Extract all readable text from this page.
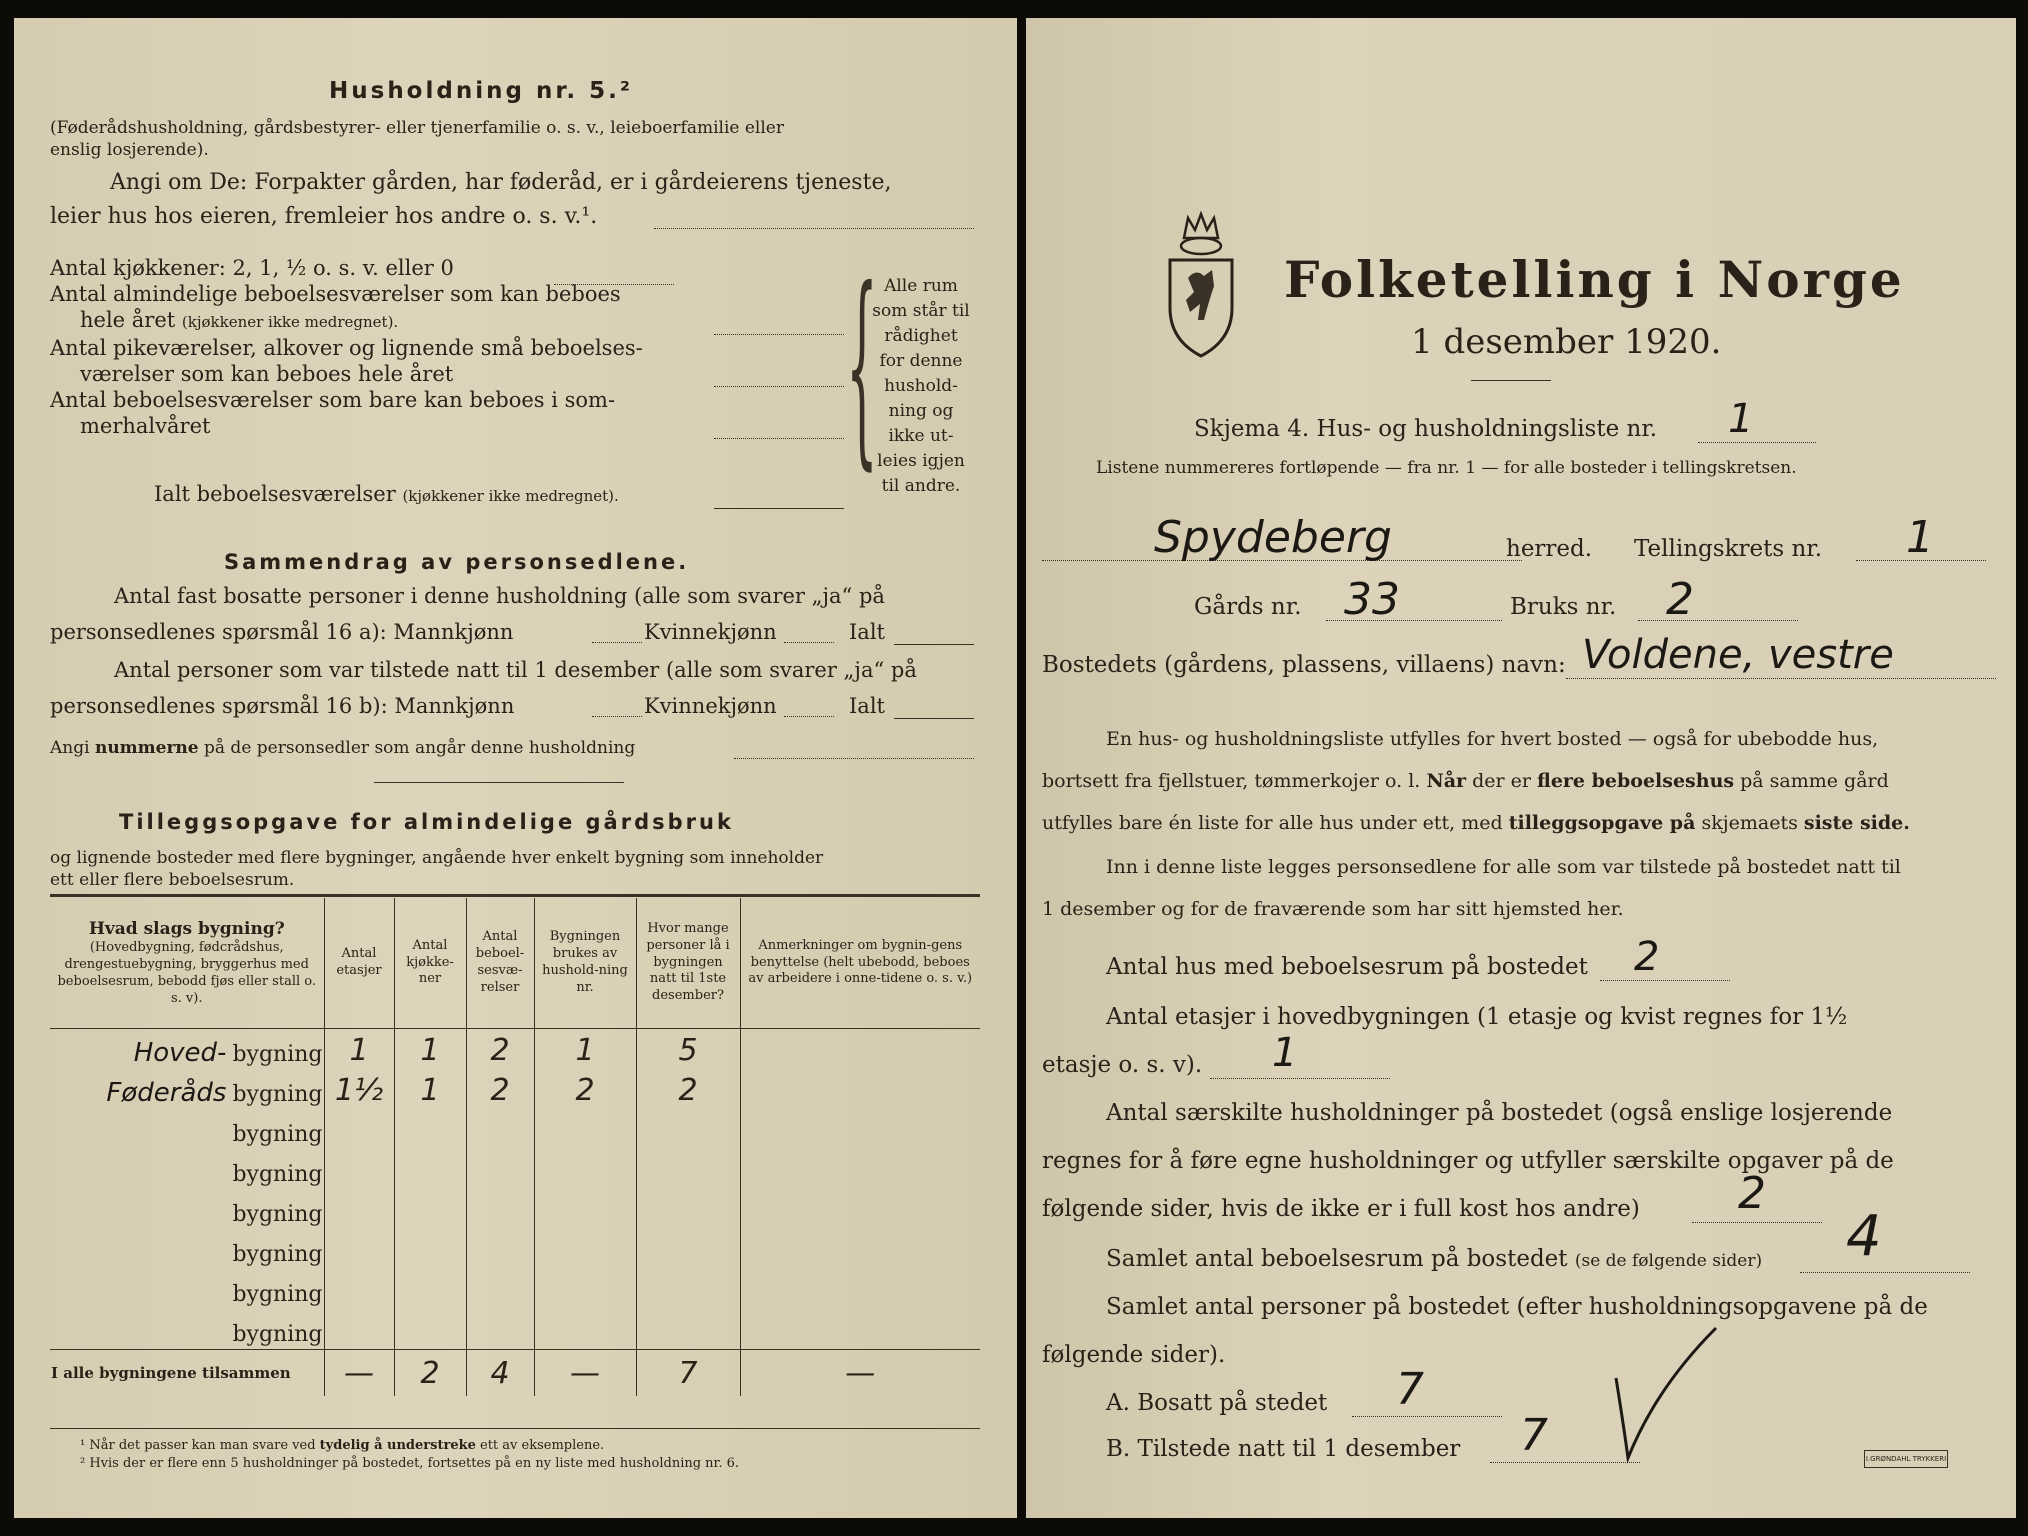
Husholdning nr. 5.²
(Føderådshusholdning, gårdsbestyrer- eller tjenerfamilie o. s. v., leieboerfamilie eller
enslig losjerende).
Angi om De: Forpakter gården, har føderåd, er i gårdeierens tjeneste,
leier hus hos eieren, fremleier hos andre o. s. v.¹.
Antal kjøkkener: 2, 1, ½ o. s. v. eller 0
Antal almindelige beboelsesværelser som kan beboes
hele året (kjøkkener ikke medregnet).
Antal pikeværelser, alkover og lignende små beboelses-
værelser som kan beboes hele året
Antal beboelsesværelser som bare kan beboes i som-
merhalvåret
Ialt beboelsesværelser (kjøkkener ikke medregnet).
{ Alle rum
som står til
rådighet
for denne
hushold-
ning og
ikke ut-
leies igjen
til andre.
Sammendrag av personsedlene.
Antal fast bosatte personer i denne husholdning (alle som svarer „ja“ på
personsedlenes spørsmål 16 a): Mannkjønn	Kvinnekjønn	Ialt
Antal personer som var tilstede natt til 1 desember (alle som svarer „ja“ på
personsedlenes spørsmål 16 b): Mannkjønn	Kvinnekjønn	Ialt
Angi nummerne på de personsedler som angår denne husholdning
Tilleggsopgave for almindelige gårdsbruk
og lignende bosteder med flere bygninger, angående hver enkelt bygning som inneholder
ett eller flere beboelsesrum.
Hvad slags bygning?
(Hovedbygning, fødcrådshus, drengestuebygning, bryggerhus med beboelsesrum, bebodd fjøs eller stall o. s. v).	Antal etasjer	Antal kjøkke-ner	Antal beboel-sesvæ-relser	Bygningen brukes av hushold-ning nr.	Hvor mange personer lå i bygningen natt til 1ste desember?	Anmerkninger om bygnin-gens benyttelse (helt ubebodd, beboes av arbeidere i onne-tidene o. s. v.)
Hoved- bygning	1	1	2	1	5	
Føderåds bygning	1½	1	2	2	2	
bygning						
bygning						
bygning						
bygning						
bygning						
bygning						
I alle bygningene tilsammen	—	2	4	—	7	—
¹ Når det passer kan man svare ved tydelig å understreke ett av eksemplene.
² Hvis der er flere enn 5 husholdninger på bostedet, fortsettes på en ny liste med husholdning nr. 6.
Folketelling i Norge
1 desember 1920.
Skjema 4. Hus- og husholdningsliste nr. 1
Listene nummereres fortløpende — fra nr. 1 — for alle bosteder i tellingskretsen.
Spydeberg	herred. Tellingskrets nr. 1
Gårds nr. 33	Bruks nr. 2
Bostedets (gårdens, plassens, villaens) navn: Voldene, vestre
En hus- og husholdningsliste utfylles for hvert bosted — også for ubebodde hus,
bortsett fra fjellstuer, tømmerkojer o. l. Når der er flere beboelseshus på samme gård
utfylles bare én liste for alle hus under ett, med tilleggsopgave på skjemaets siste side.
Inn i denne liste legges personsedlene for alle som var tilstede på bostedet natt til
1 desember og for de fraværende som har sitt hjemsted her.
Antal hus med beboelsesrum på bostedet 2
Antal etasjer i hovedbygningen (1 etasje og kvist regnes for 1½
etasje o. s. v). 1
Antal særskilte husholdninger på bostedet (også enslige losjerende
regnes for å føre egne husholdninger og utfyller særskilte opgaver på de
følgende sider, hvis de ikke er i full kost hos andre) 2
Samlet antal beboelsesrum på bostedet (se de følgende sider) 4
Samlet antal personer på bostedet (efter husholdningsopgavene på de
følgende sider).
A. Bosatt på stedet 7
B. Tilstede natt til 1 desember 7	I.GRØNDAHL TRYKKERI
